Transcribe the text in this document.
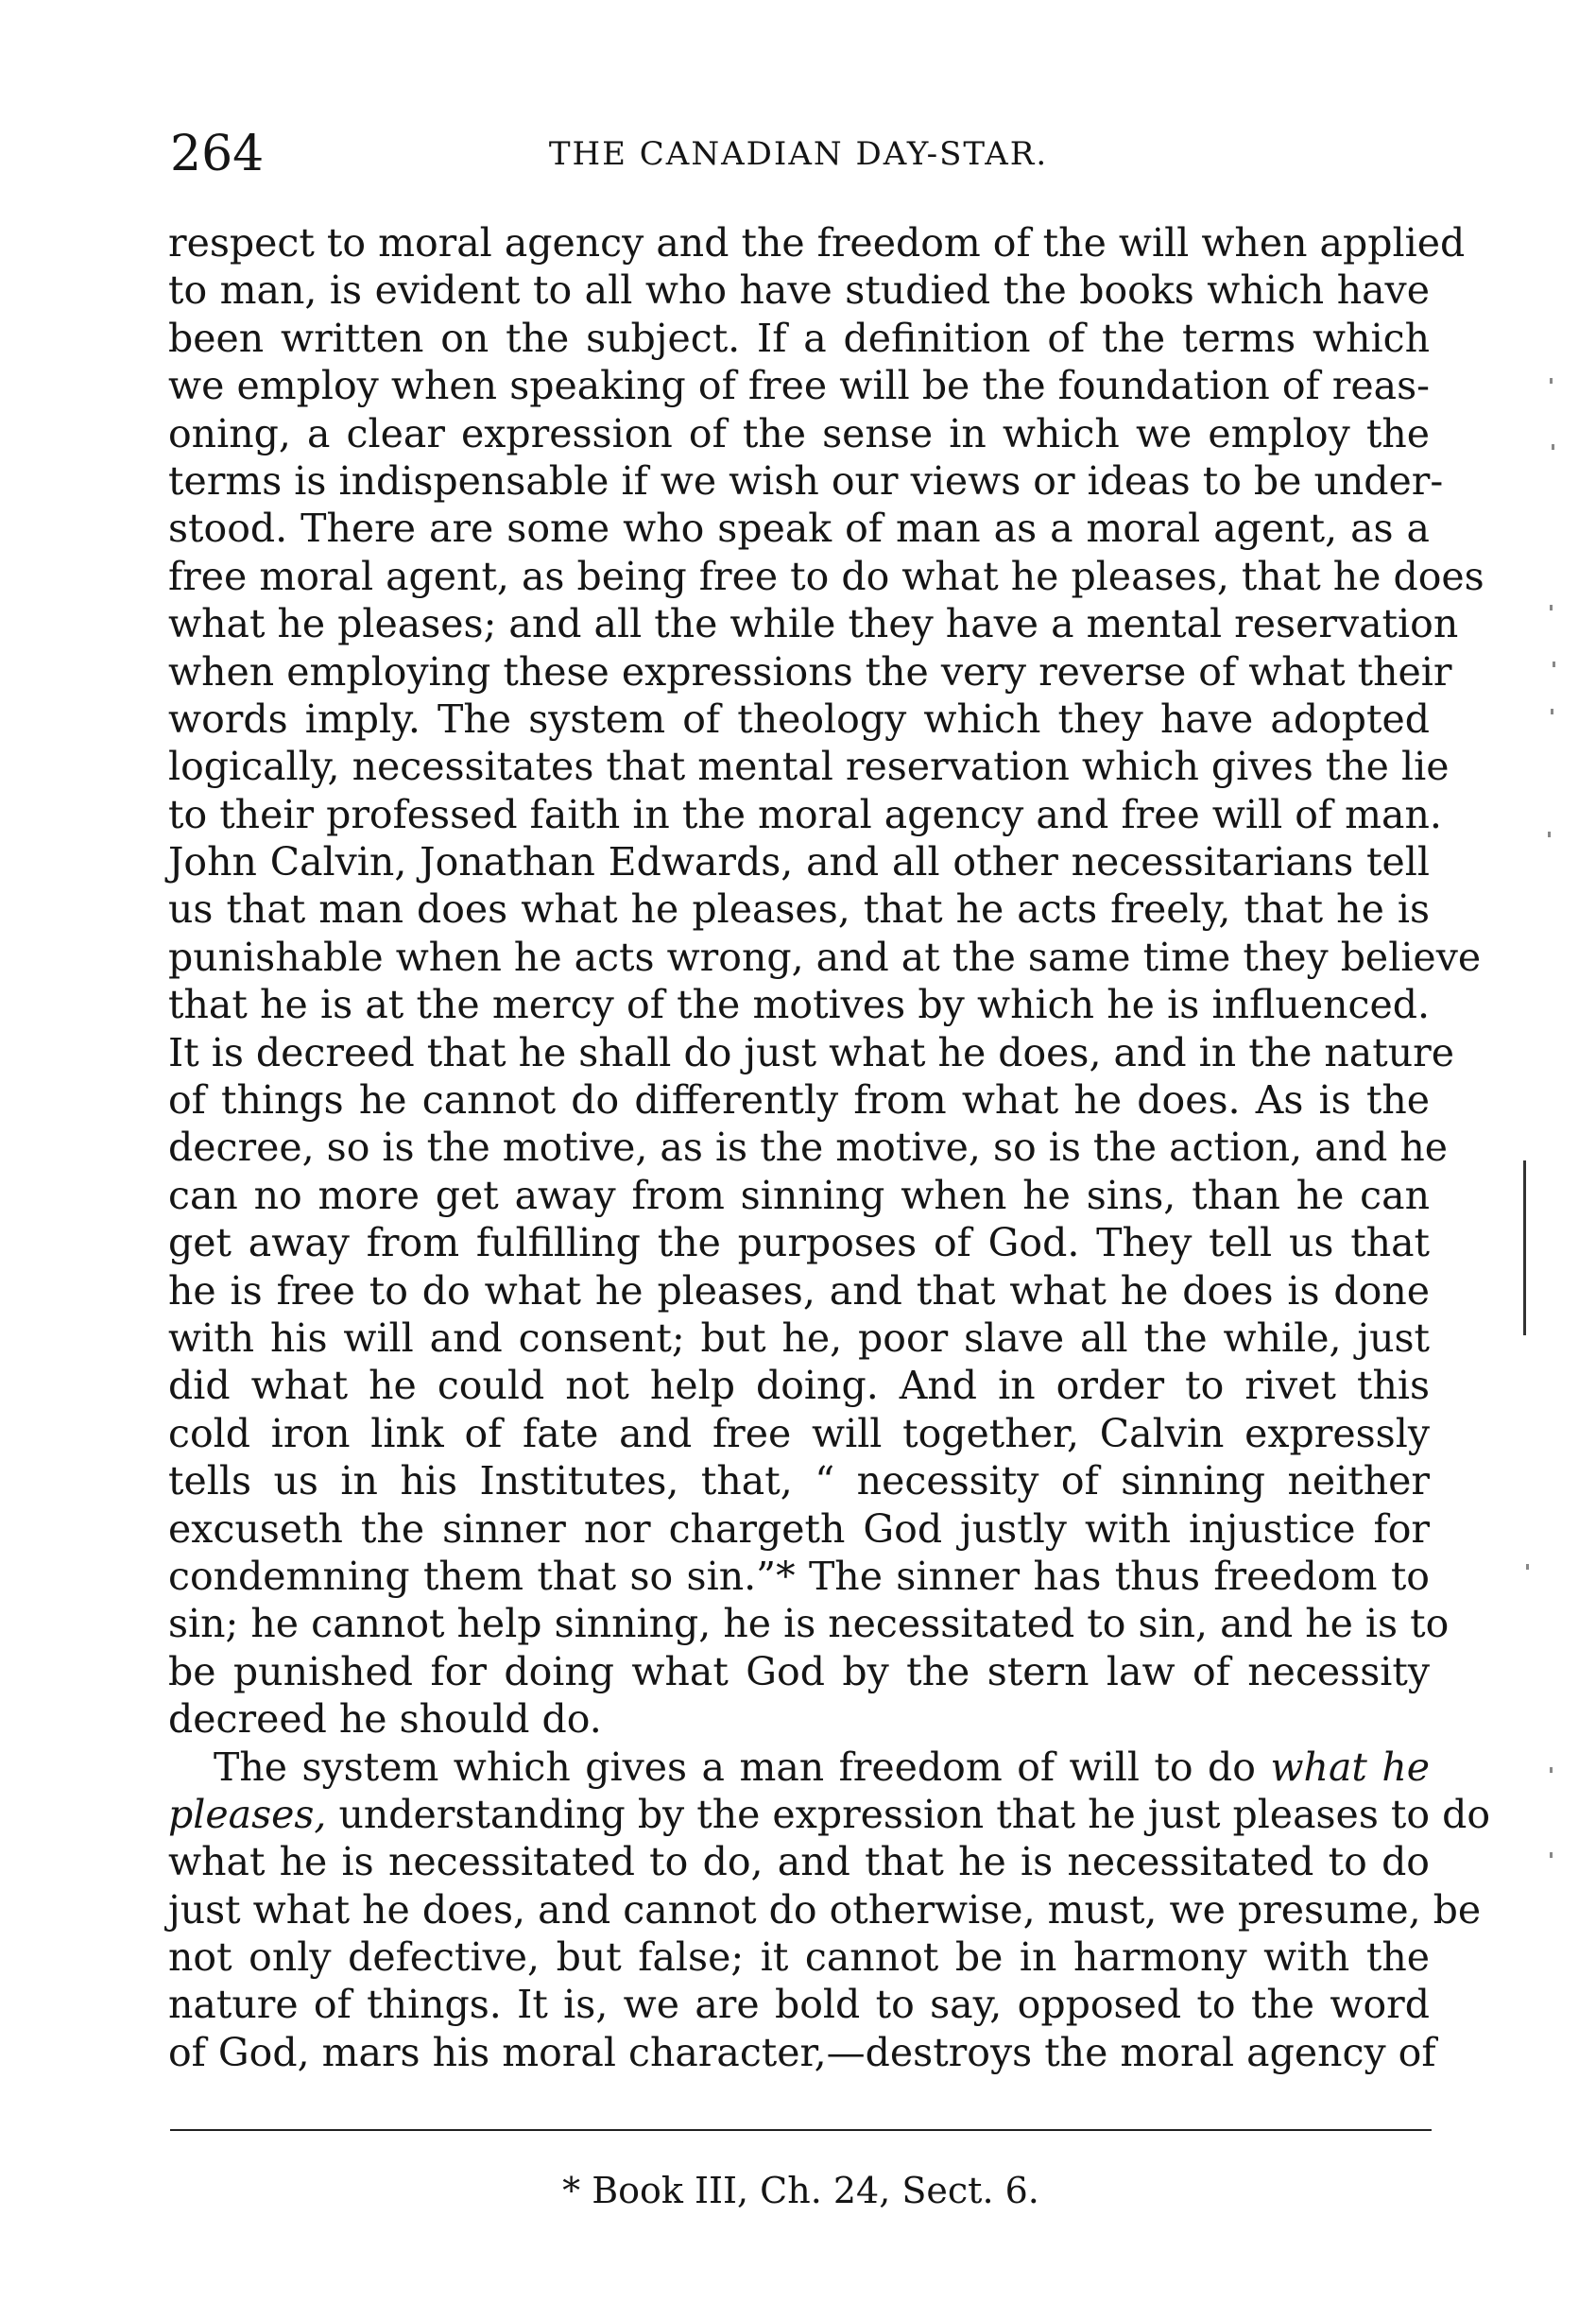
264	THE CANADIAN DAY-STAR.
respect to moral agency and the freedom of the will when applied
to man, is evident to all who have studied the books which have
been written on the subject. If a definition of the terms which
we employ when speaking of free will be the foundation of reas-
oning, a clear expression of the sense in which we employ the
terms is indispensable if we wish our views or ideas to be under-
stood. There are some who speak of man as a moral agent, as a
free moral agent, as being free to do what he pleases, that he does
what he pleases; and all the while they have a mental reservation
when employing these expressions the very reverse of what their
words imply. The system of theology which they have adopted
logically, necessitates that mental reservation which gives the lie
to their professed faith in the moral agency and free will of man.
John Calvin, Jonathan Edwards, and all other necessitarians tell
us that man does what he pleases, that he acts freely, that he is
punishable when he acts wrong, and at the same time they believe
that he is at the mercy of the motives by which he is influenced.
It is decreed that he shall do just what he does, and in the nature
of things he cannot do differently from what he does. As is the
decree, so is the motive, as is the motive, so is the action, and he
can no more get away from sinning when he sins, than he can
get away from fulfilling the purposes of God. They tell us that
he is free to do what he pleases, and that what he does is done
with his will and consent; but he, poor slave all the while, just
did what he could not help doing. And in order to rivet this
cold iron link of fate and free will together, Calvin expressly
tells us in his Institutes, that, “ necessity of sinning neither
excuseth the sinner nor chargeth God justly with injustice for
condemning them that so sin.”* The sinner has thus freedom to
sin; he cannot help sinning, he is necessitated to sin, and he is to
be punished for doing what God by the stern law of necessity
decreed he should do.
The system which gives a man freedom of will to do what he
pleases, understanding by the expression that he just pleases to do
what he is necessitated to do, and that he is necessitated to do
just what he does, and cannot do otherwise, must, we presume, be
not only defective, but false; it cannot be in harmony with the
nature of things. It is, we are bold to say, opposed to the word
of God, mars his moral character,—destroys the moral agency of
* Book III, Ch. 24, Sect. 6.
